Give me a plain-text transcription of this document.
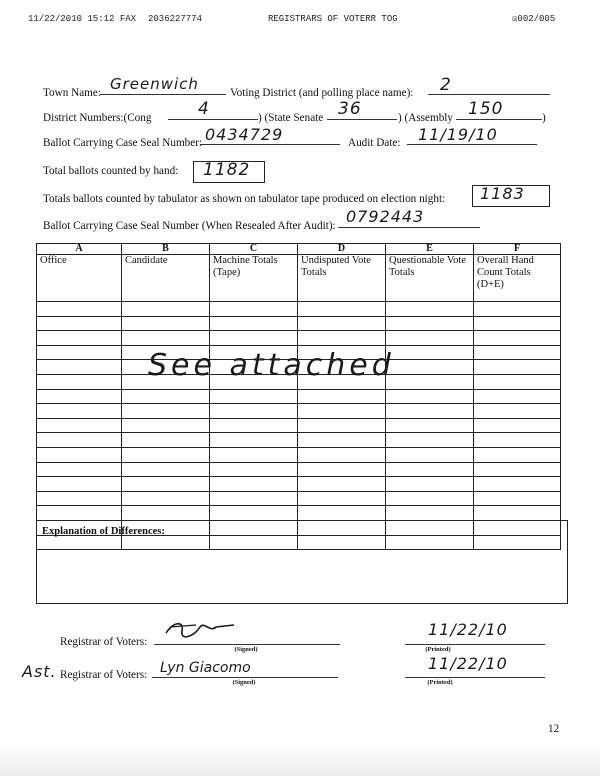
11/22/2010 15:12 FAX 2036227774	REGISTRARS OF VOTERR TOG	☒002/005
Town Name: Greenwich	Voting District (and polling place name): 2
District Numbers:(Cong	4	) (State Senate 36	) (Assembly 150	)
Ballot Carrying Case Seal Number: 0434729	Audit Date: 11/19/10
Total ballots counted by hand: 1182
Totals ballots counted by tabulator as shown on tabulator tape produced on election night: 1183
Ballot Carrying Case Seal Number (When Resealed After Audit): 0792443
A	B	C	D	E	F
Office	Candidate	Machine Totals (Tape)	Undisputed Vote Totals	Questionable Vote Totals	Overall Hand Count Totals (D+E)

See attached
Explanation of Differences:
Registrar of Voters:
(Signed)
11/22/10
(Printed)
Ast. Registrar of Voters: Lyn Giacomo
(Signed)
11/22/10
(Printed)
12
